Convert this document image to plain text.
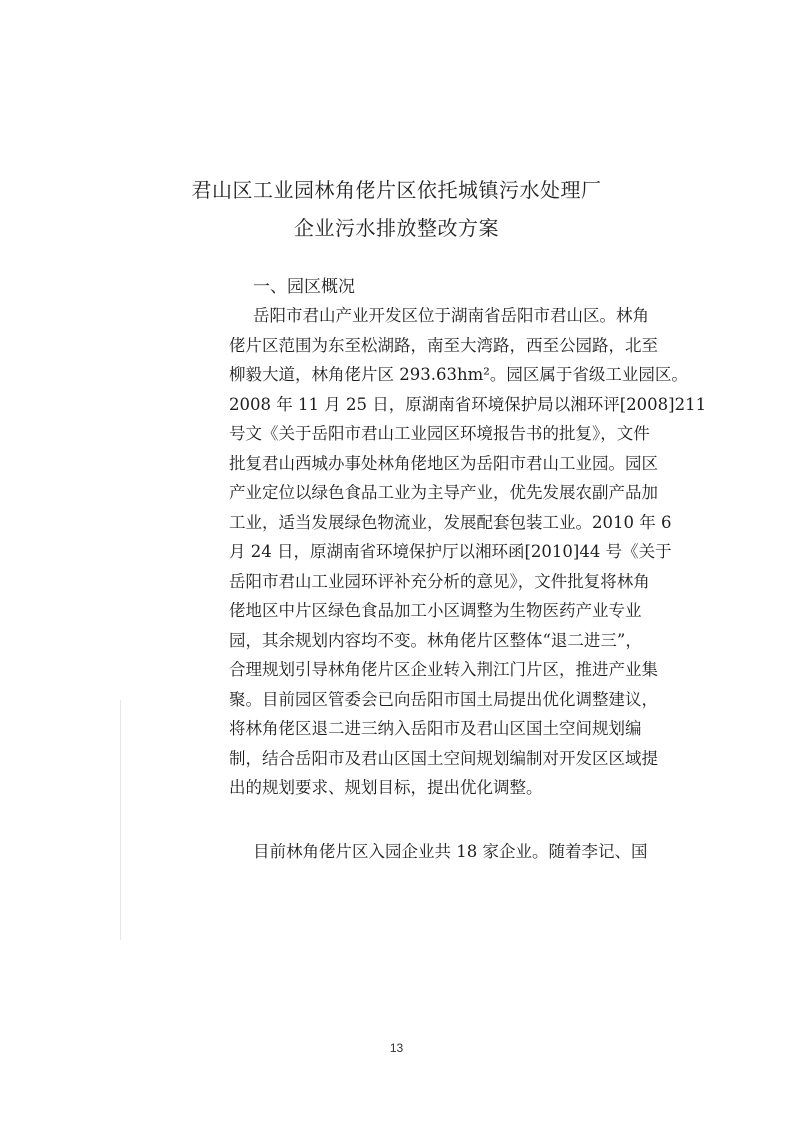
君山区工业园林角佬片区依托城镇污水处理厂
企业污水排放整改方案
一、园区概况
岳阳市君山产业开发区位于湖南省岳阳市君山区。林角
佬片区范围为东至松湖路，南至大湾路，西至公园路，北至
柳毅大道，林角佬片区 293.63hm²。园区属于省级工业园区。
2008 年 11 月 25 日，原湖南省环境保护局以湘环评[2008]211
号文《关于岳阳市君山工业园区环境报告书的批复》，文件
批复君山西城办事处林角佬地区为岳阳市君山工业园。园区
产业定位以绿色食品工业为主导产业，优先发展农副产品加
工业，适当发展绿色物流业，发展配套包装工业。2010 年 6
月 24 日，原湖南省环境保护厅以湘环函[2010]44 号《关于
岳阳市君山工业园环评补充分析的意见》，文件批复将林角
佬地区中片区绿色食品加工小区调整为生物医药产业专业
园，其余规划内容均不变。林角佬片区整体“退二进三”，
合理规划引导林角佬片区企业转入荆江门片区，推进产业集
聚。目前园区管委会已向岳阳市国土局提出优化调整建议，
将林角佬区退二进三纳入岳阳市及君山区国土空间规划编
制，结合岳阳市及君山区国土空间规划编制对开发区区域提
出的规划要求、规划目标，提出优化调整。
目前林角佬片区入园企业共 18 家企业。随着李记、国
13
